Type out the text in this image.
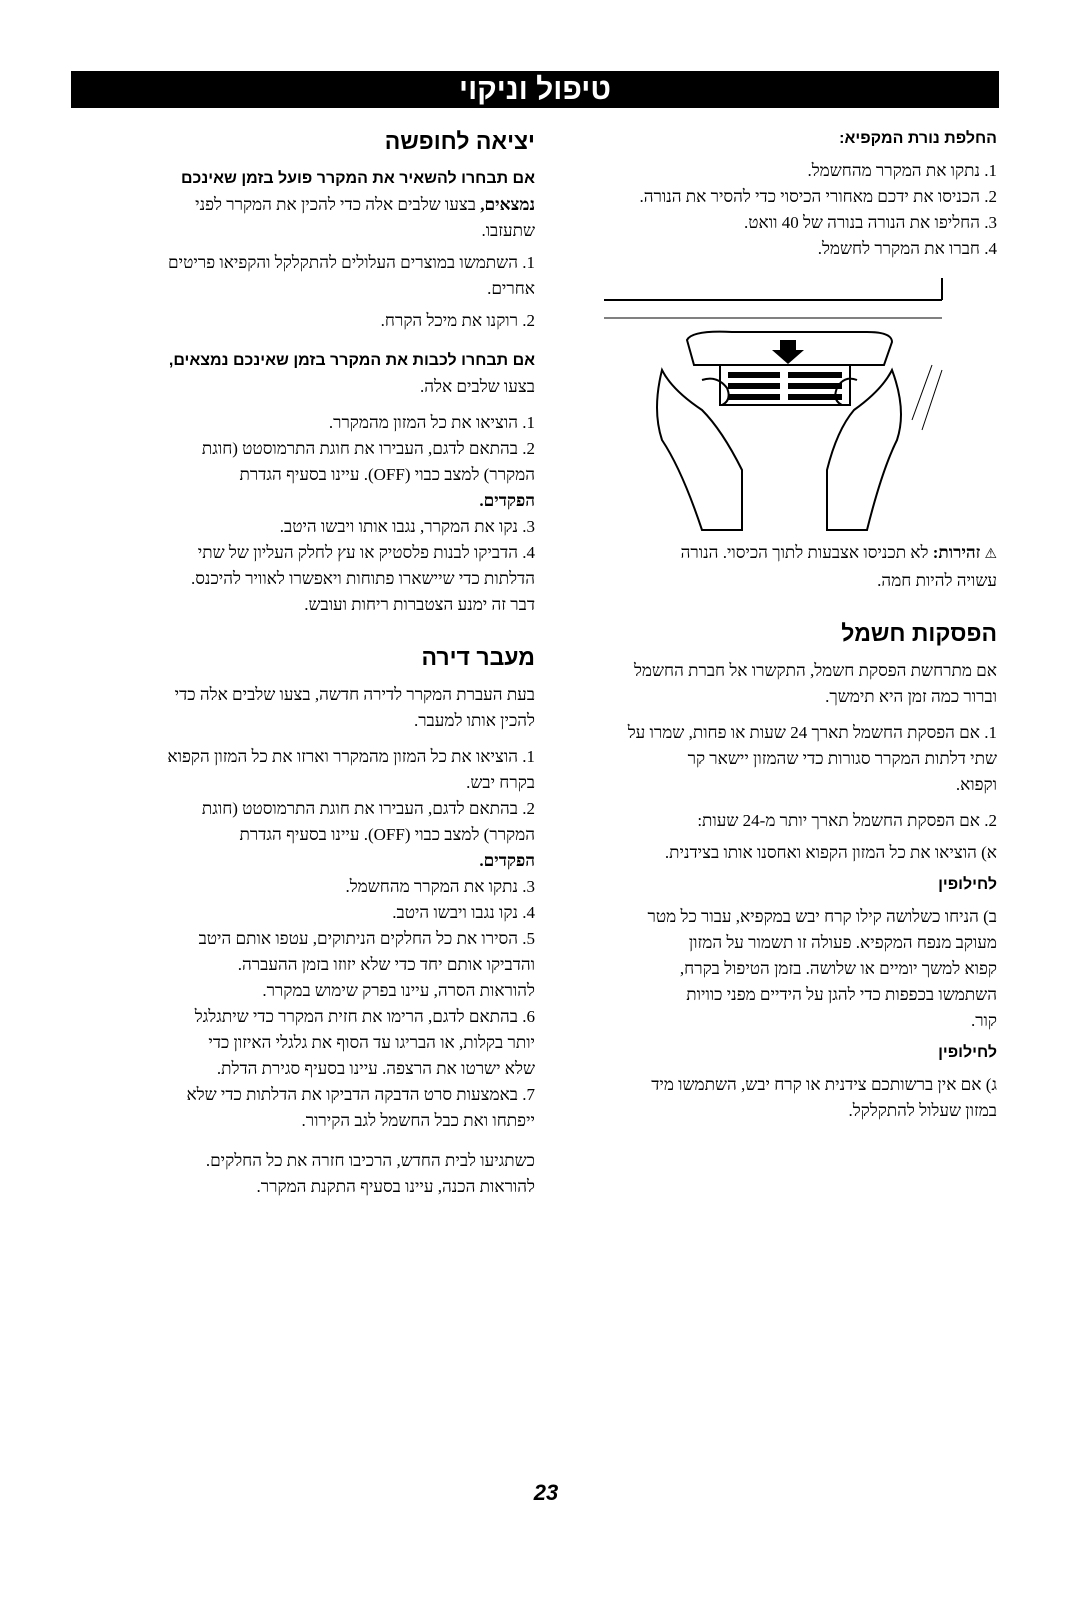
טיפול וניקוי
החלפת נורת המקפיא:

1. נתקו את המקרר מהחשמל.

2. הכניסו את ידכם מאחורי הכיסוי כדי להסיר את הנורה.

3. החליפו את הנורה בנורה של 40 וואט.

4. חברו את המקרר לחשמל.

⚠זהירות: לא תכניסו אצבעות לתוך הכיסוי. הנורה

עשויה להיות חמה.

הפסקות חשמל

אם מתרחשת הפסקת חשמל, התקשרו אל חברת החשמל

וברור כמה זמן היא תימשך.

1. אם הפסקת החשמל תארך 24 שעות או פחות, שמרו על

שתי דלתות המקרר סגורות כדי שהמזון יישאר קר

וקפוא.

2. אם הפסקת החשמל תארך יותר מ-24 שעות:

א) הוציאו את כל המזון הקפוא ואחסנו אותו בצידנית.

לחילופין

ב) הניחו כשלושה קילו קרח יבש במקפיא, עבור כל מטר

מעוקב מנפח המקפיא. פעולה זו תשמור על המזון

קפוא למשך יומיים או שלושה. בזמן הטיפול בקרח,

השתמשו בכפפות כדי להגן על הידיים מפני כוויות

קור.

לחילופין

ג) אם אין ברשותכם צידנית או קרח יבש, השתמשו מיד

במזון שעלול להתקלקל.

יציאה לחופשה
אם תבחרו להשאיר את המקרר פועל בזמן שאינכם

נמצאים, בצעו שלבים אלה כדי להכין את המקרר לפני

שתעזבו.

1. השתמשו במוצרים העלולים להתקלקל והקפיאו פריטים

אחרים.

2. רוקנו את מיכל הקרח.

אם תבחרו לכבות את המקרר בזמן שאינכם נמצאים,

בצעו שלבים אלה.

1. הוציאו את כל המזון מהמקרר.

2. בהתאם לדגם, העבירו את חוגת התרמוסטט (חוגת

המקרר) למצב כבוי (OFF). עיינו בסעיף הגדרת

הפקדים.

3. נקו את המקרר, נגבו אותו ויבשו היטב.

4. הדביקו לבנות פלסטיק או עץ לחלק העליון של שתי

הדלתות כדי שיישארו פתוחות ויאפשרו לאוויר להיכנס.

דבר זה ימנע הצטברות ריחות ועובש.

מעבר דירה

בעת העברת המקרר לדירה חדשה, בצעו שלבים אלה כדי

להכין אותו למעבר.

1. הוציאו את כל המזון מהמקרר וארזו את כל המזון הקפוא

בקרח יבש.

2. בהתאם לדגם, העבירו את חוגת התרמוסטט (חוגת

המקרר) למצב כבוי (OFF). עיינו בסעיף הגדרת

הפקדים.

3. נתקו את המקרר מהחשמל.

4. נקו נגבו ויבשו היטב.

5. הסירו את כל החלקים הניתוקים, עטפו אותם היטב

והדביקו אותם יחד כדי שלא יזוזו בזמן ההעברה.

להוראות הסרה, עיינו בפרק שימוש במקרר.

6. בהתאם לדגם, הרימו את חזית המקרר כדי שיתגלגל

יותר בקלות, או הבריגו עד הסוף את גלגלי האיזון כדי

שלא ישרטו את הרצפה. עיינו בסעיף סגירת הדלת.

7. באמצעות סרט הדבקה הדביקו את הדלתות כדי שלא

ייפתחו ואת כבל החשמל לגב הקירור.

כשתגיעו לבית החדש, הרכיבו חזרה את כל החלקים.

להוראות הכנה, עיינו בסעיף התקנת המקרר.

23
